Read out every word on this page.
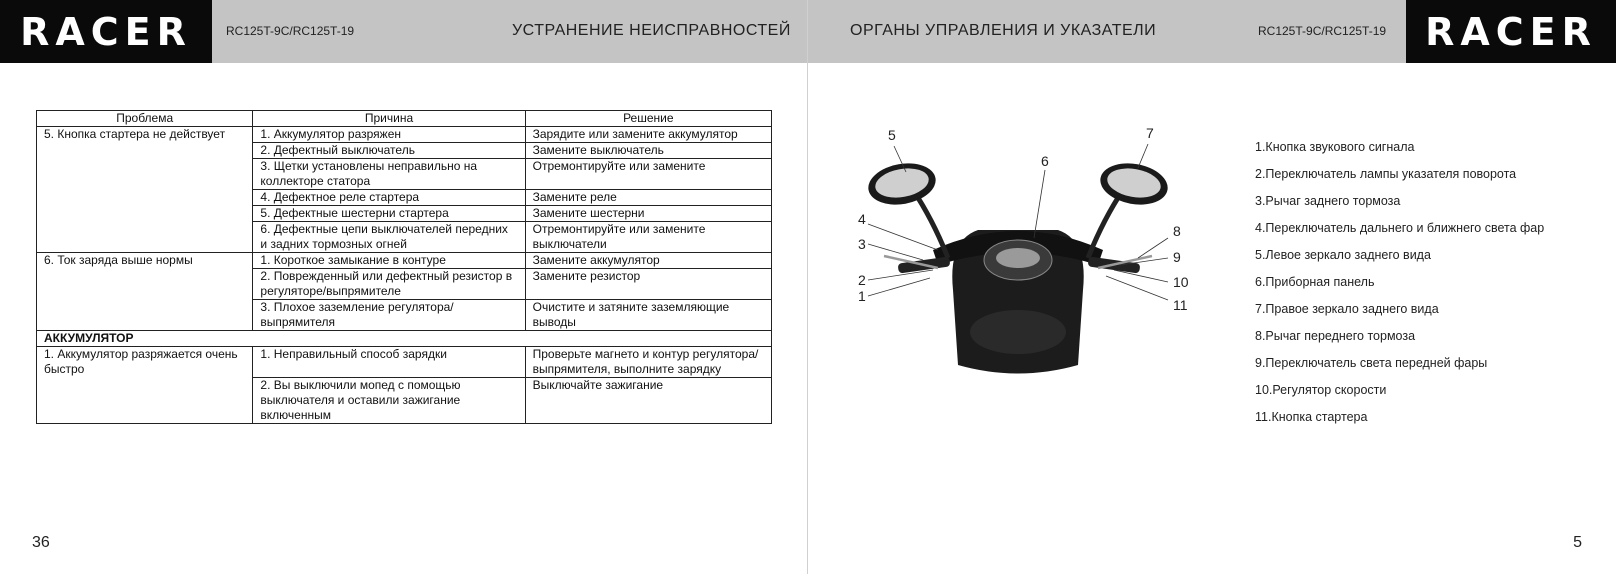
RACER	RC125T-9C/RC125T-19	УСТРАНЕНИЕ НЕИСПРАВНОСТЕЙ
Проблема	Причина	Решение
5. Кнопка стартера не действует	1. Аккумулятор разряжен	Зарядите или замените аккумулятор
	2. Дефектный выключатель	Замените выключатель
	3. Щетки установлены неправильно на коллекторе статора	Отремонтируйте или замените
	4. Дефектное реле стартера	Замените реле
	5. Дефектные шестерни стартера	Замените шестерни
	6. Дефектные цепи выключателей передних и задних тормозных огней	Отремонтируйте или замените выключатели
6. Ток заряда выше нормы	1. Короткое замыкание в контуре	Замените аккумулятор
	2. Поврежденный или дефектный резистор в регуляторе/выпрямителе	Замените резистор
	3. Плохое заземление регулятора/выпрямителя	Очистите и затяните заземляющие выводы
АККУМУЛЯТОР		
1. Аккумулятор разряжается очень быстро	1. Неправильный способ зарядки	Проверьте магнето и контур регулятора/выпрямителя, выполните зарядку
	2. Вы выключили мопед с помощью выключателя и оставили зажигание включенным	Выключайте зажигание
36
ОРГАНЫ УПРАВЛЕНИЯ И УКАЗАТЕЛИ	RC125T-9C/RC125T-19	RACER
1
2
3
4
5
6
7
8
9
10
11
1.Кнопка звукового сигнала
2.Переключатель лампы указателя поворота
3.Рычаг заднего тормоза
4.Переключатель дальнего и ближнего света фар
5.Левое зеркало заднего вида
6.Приборная панель
7.Правое зеркало заднего вида
8.Рычаг переднего тормоза
9.Переключатель света передней фары
10.Регулятор скорости
11.Кнопка стартера
5
